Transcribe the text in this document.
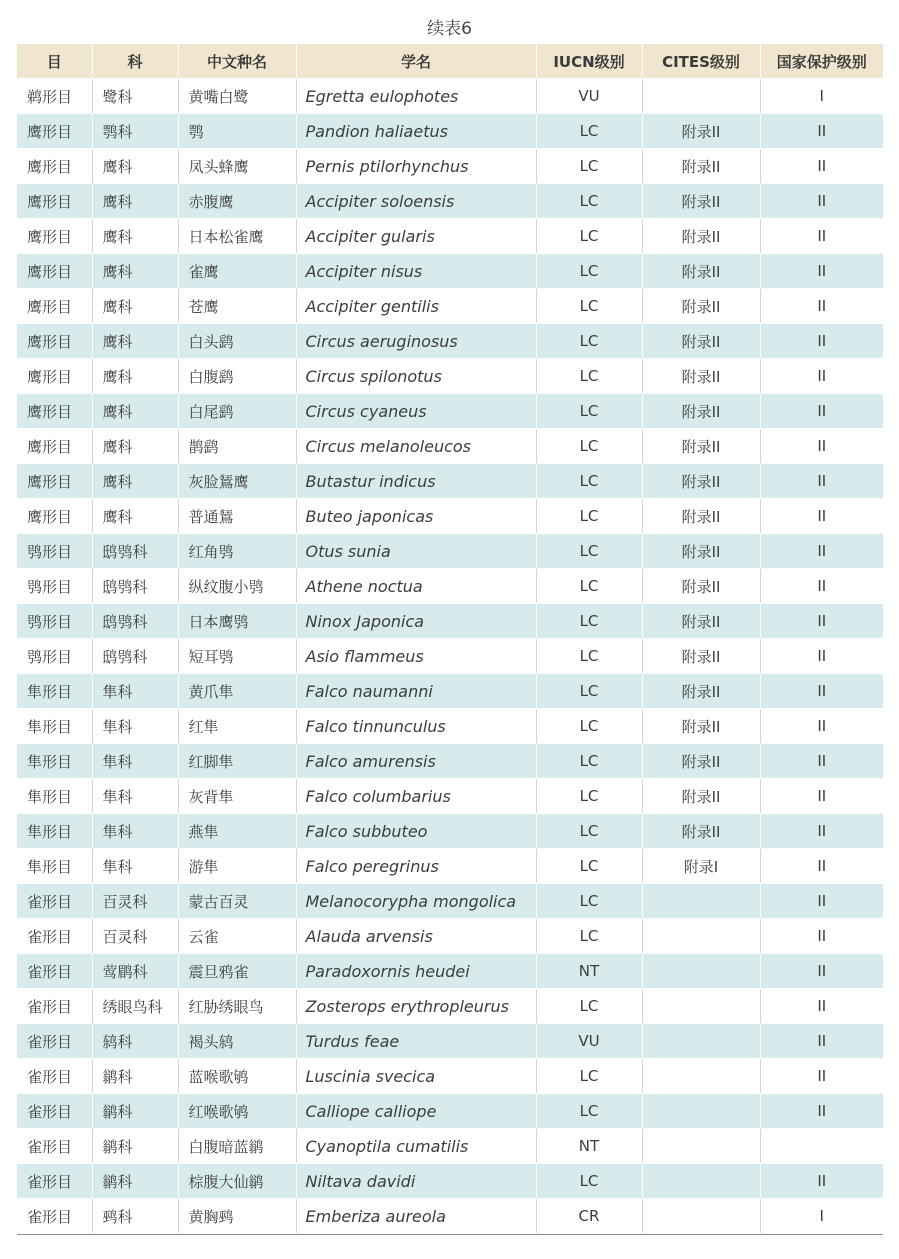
续表6
目	科	中文种名	学名	IUCN级别	CITES级别	国家保护级别
鹈形目	鹭科	黄嘴白鹭	Egretta eulophotes	VU		I
鹰形目	鹗科	鹗	Pandion haliaetus	LC	附录II	II
鹰形目	鹰科	凤头蜂鹰	Pernis ptilorhynchus	LC	附录II	II
鹰形目	鹰科	赤腹鹰	Accipiter soloensis	LC	附录II	II
鹰形目	鹰科	日本松雀鹰	Accipiter gularis	LC	附录II	II
鹰形目	鹰科	雀鹰	Accipiter nisus	LC	附录II	II
鹰形目	鹰科	苍鹰	Accipiter gentilis	LC	附录II	II
鹰形目	鹰科	白头鹞	Circus aeruginosus	LC	附录II	II
鹰形目	鹰科	白腹鹞	Circus spilonotus	LC	附录II	II
鹰形目	鹰科	白尾鹞	Circus cyaneus	LC	附录II	II
鹰形目	鹰科	鹊鹞	Circus melanoleucos	LC	附录II	II
鹰形目	鹰科	灰脸鵟鹰	Butastur indicus	LC	附录II	II
鹰形目	鹰科	普通鵟	Buteo japonicas	LC	附录II	II
鸮形目	鸱鸮科	红角鸮	Otus sunia	LC	附录II	II
鸮形目	鸱鸮科	纵纹腹小鸮	Athene noctua	LC	附录II	II
鸮形目	鸱鸮科	日本鹰鸮	Ninox Japonica	LC	附录II	II
鸮形目	鸱鸮科	短耳鸮	Asio flammeus	LC	附录II	II
隼形目	隼科	黄爪隼	Falco naumanni	LC	附录II	II
隼形目	隼科	红隼	Falco tinnunculus	LC	附录II	II
隼形目	隼科	红脚隼	Falco amurensis	LC	附录II	II
隼形目	隼科	灰背隼	Falco columbarius	LC	附录II	II
隼形目	隼科	燕隼	Falco subbuteo	LC	附录II	II
隼形目	隼科	游隼	Falco peregrinus	LC	附录I	II
雀形目	百灵科	蒙古百灵	Melanocorypha mongolica	LC		II
雀形目	百灵科	云雀	Alauda arvensis	LC		II
雀形目	莺鹛科	震旦鸦雀	Paradoxornis heudei	NT		II
雀形目	绣眼鸟科	红胁绣眼鸟	Zosterops erythropleurus	LC		II
雀形目	鸫科	褐头鸫	Turdus feae	VU		II
雀形目	鹟科	蓝喉歌鸲	Luscinia svecica	LC		II
雀形目	鹟科	红喉歌鸲	Calliope calliope	LC		II
雀形目	鹟科	白腹暗蓝鹟	Cyanoptila cumatilis	NT		
雀形目	鹟科	棕腹大仙鹟	Niltava davidi	LC		II
雀形目	鹀科	黄胸鹀	Emberiza aureola	CR		I
